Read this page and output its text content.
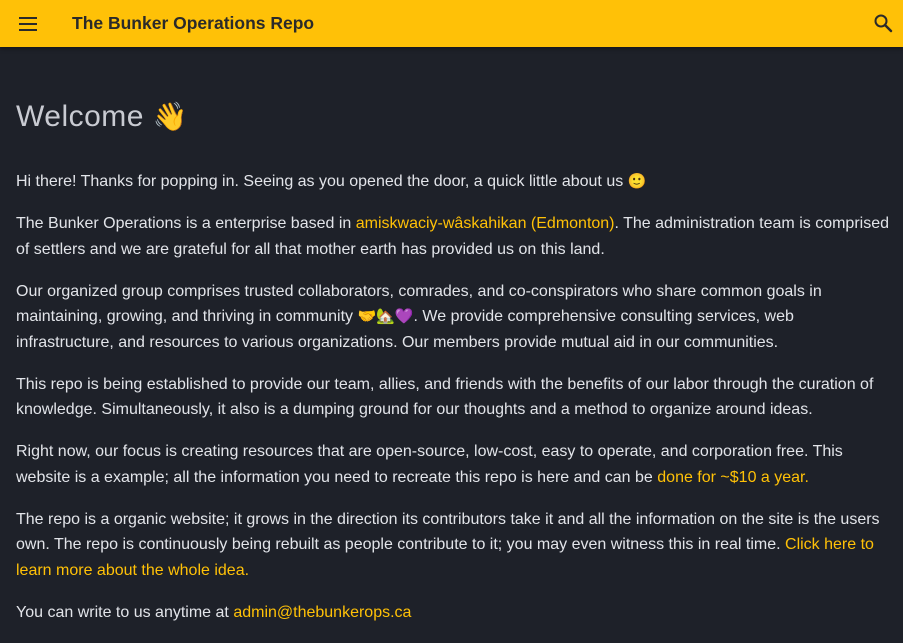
The Bunker Operations Repo
Welcome 👋

Hi there! Thanks for popping in. Seeing as you opened the door, a quick little about us 🙂

The Bunker Operations is a enterprise based in amiskwaciy-wâskahikan (Edmonton). The administration team is comprised of settlers and we are grateful for all that mother earth has provided us on this land.

Our organized group comprises trusted collaborators, comrades, and co-conspirators who share common goals in maintaining, growing, and thriving in community 🤝🏡💜. We provide comprehensive consulting services, web infrastructure, and resources to various organizations. Our members provide mutual aid in our communities.

This repo is being established to provide our team, allies, and friends with the benefits of our labor through the curation of knowledge. Simultaneously, it also is a dumping ground for our thoughts and a method to organize around ideas.

Right now, our focus is creating resources that are open-source, low-cost, easy to operate, and corporation free. This website is a example; all the information you need to recreate this repo is here and can be done for ~$10 a year.

The repo is a organic website; it grows in the direction its contributors take it and all the information on the site is the users own. The repo is continuously being rebuilt as people contribute to it; you may even witness this in real time. Click here to learn more about the whole idea.

You can write to us anytime at admin@thebunkerops.ca
